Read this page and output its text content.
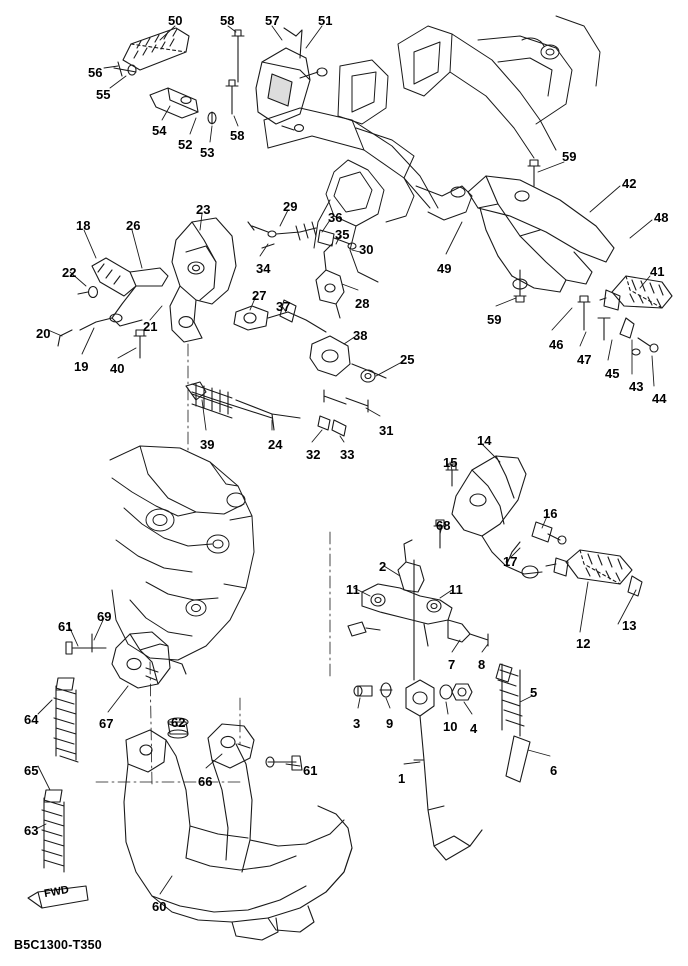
FWD
B5C1300-T350
50	58 57	51
56
55
54
52
53
58
59
42
48
49
59
46
47
45
43
44
41
18	26
23	29
36
35
30
34
22
20
19
21
40
27
37	28
38
25
39	24
32 33
31
14
15
16
68
17
2
11	11
13
12
7 8
61
69
64	67	62
65
66
61
63
60
3 9	10 4
5
6
1
